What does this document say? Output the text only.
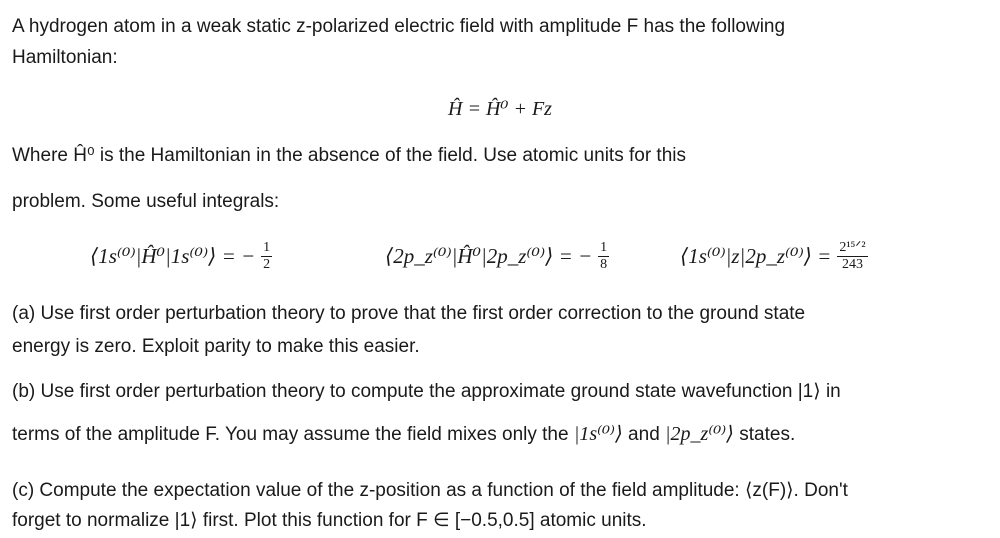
A hydrogen atom in a weak static z-polarized electric field with amplitude F has the following
Hamiltonian:
Ĥ = Ĥ⁰ + Fz
Where Ĥ⁰ is the Hamiltonian in the absence of the field. Use atomic units for this
problem. Some useful integrals:
⟨1s⁽⁰⁾|Ĥ⁰|1s⁽⁰⁾⟩ = − $\frac{1}{2}$	⟨2p_z⁽⁰⁾|Ĥ⁰|2p_z⁽⁰⁾⟩ = − $\frac{1}{8}$	⟨1s⁽⁰⁾|z|2p_z⁽⁰⁾⟩ = $\frac{\text{2¹⁵ᐟ²}}{243}$
(a) Use first order perturbation theory to prove that the first order correction to the ground state
energy is zero. Exploit parity to make this easier.
(b) Use first order perturbation theory to compute the approximate ground state wavefunction |1⟩ in
terms of the amplitude F. You may assume the field mixes only the |1s⁽⁰⁾⟩ and |2p_z⁽⁰⁾⟩ states.
(c) Compute the expectation value of the z-position as a function of the field amplitude: ⟨z(F)⟩. Don't
forget to normalize |1⟩ first. Plot this function for F ∈ [−0.5,0.5] atomic units.
